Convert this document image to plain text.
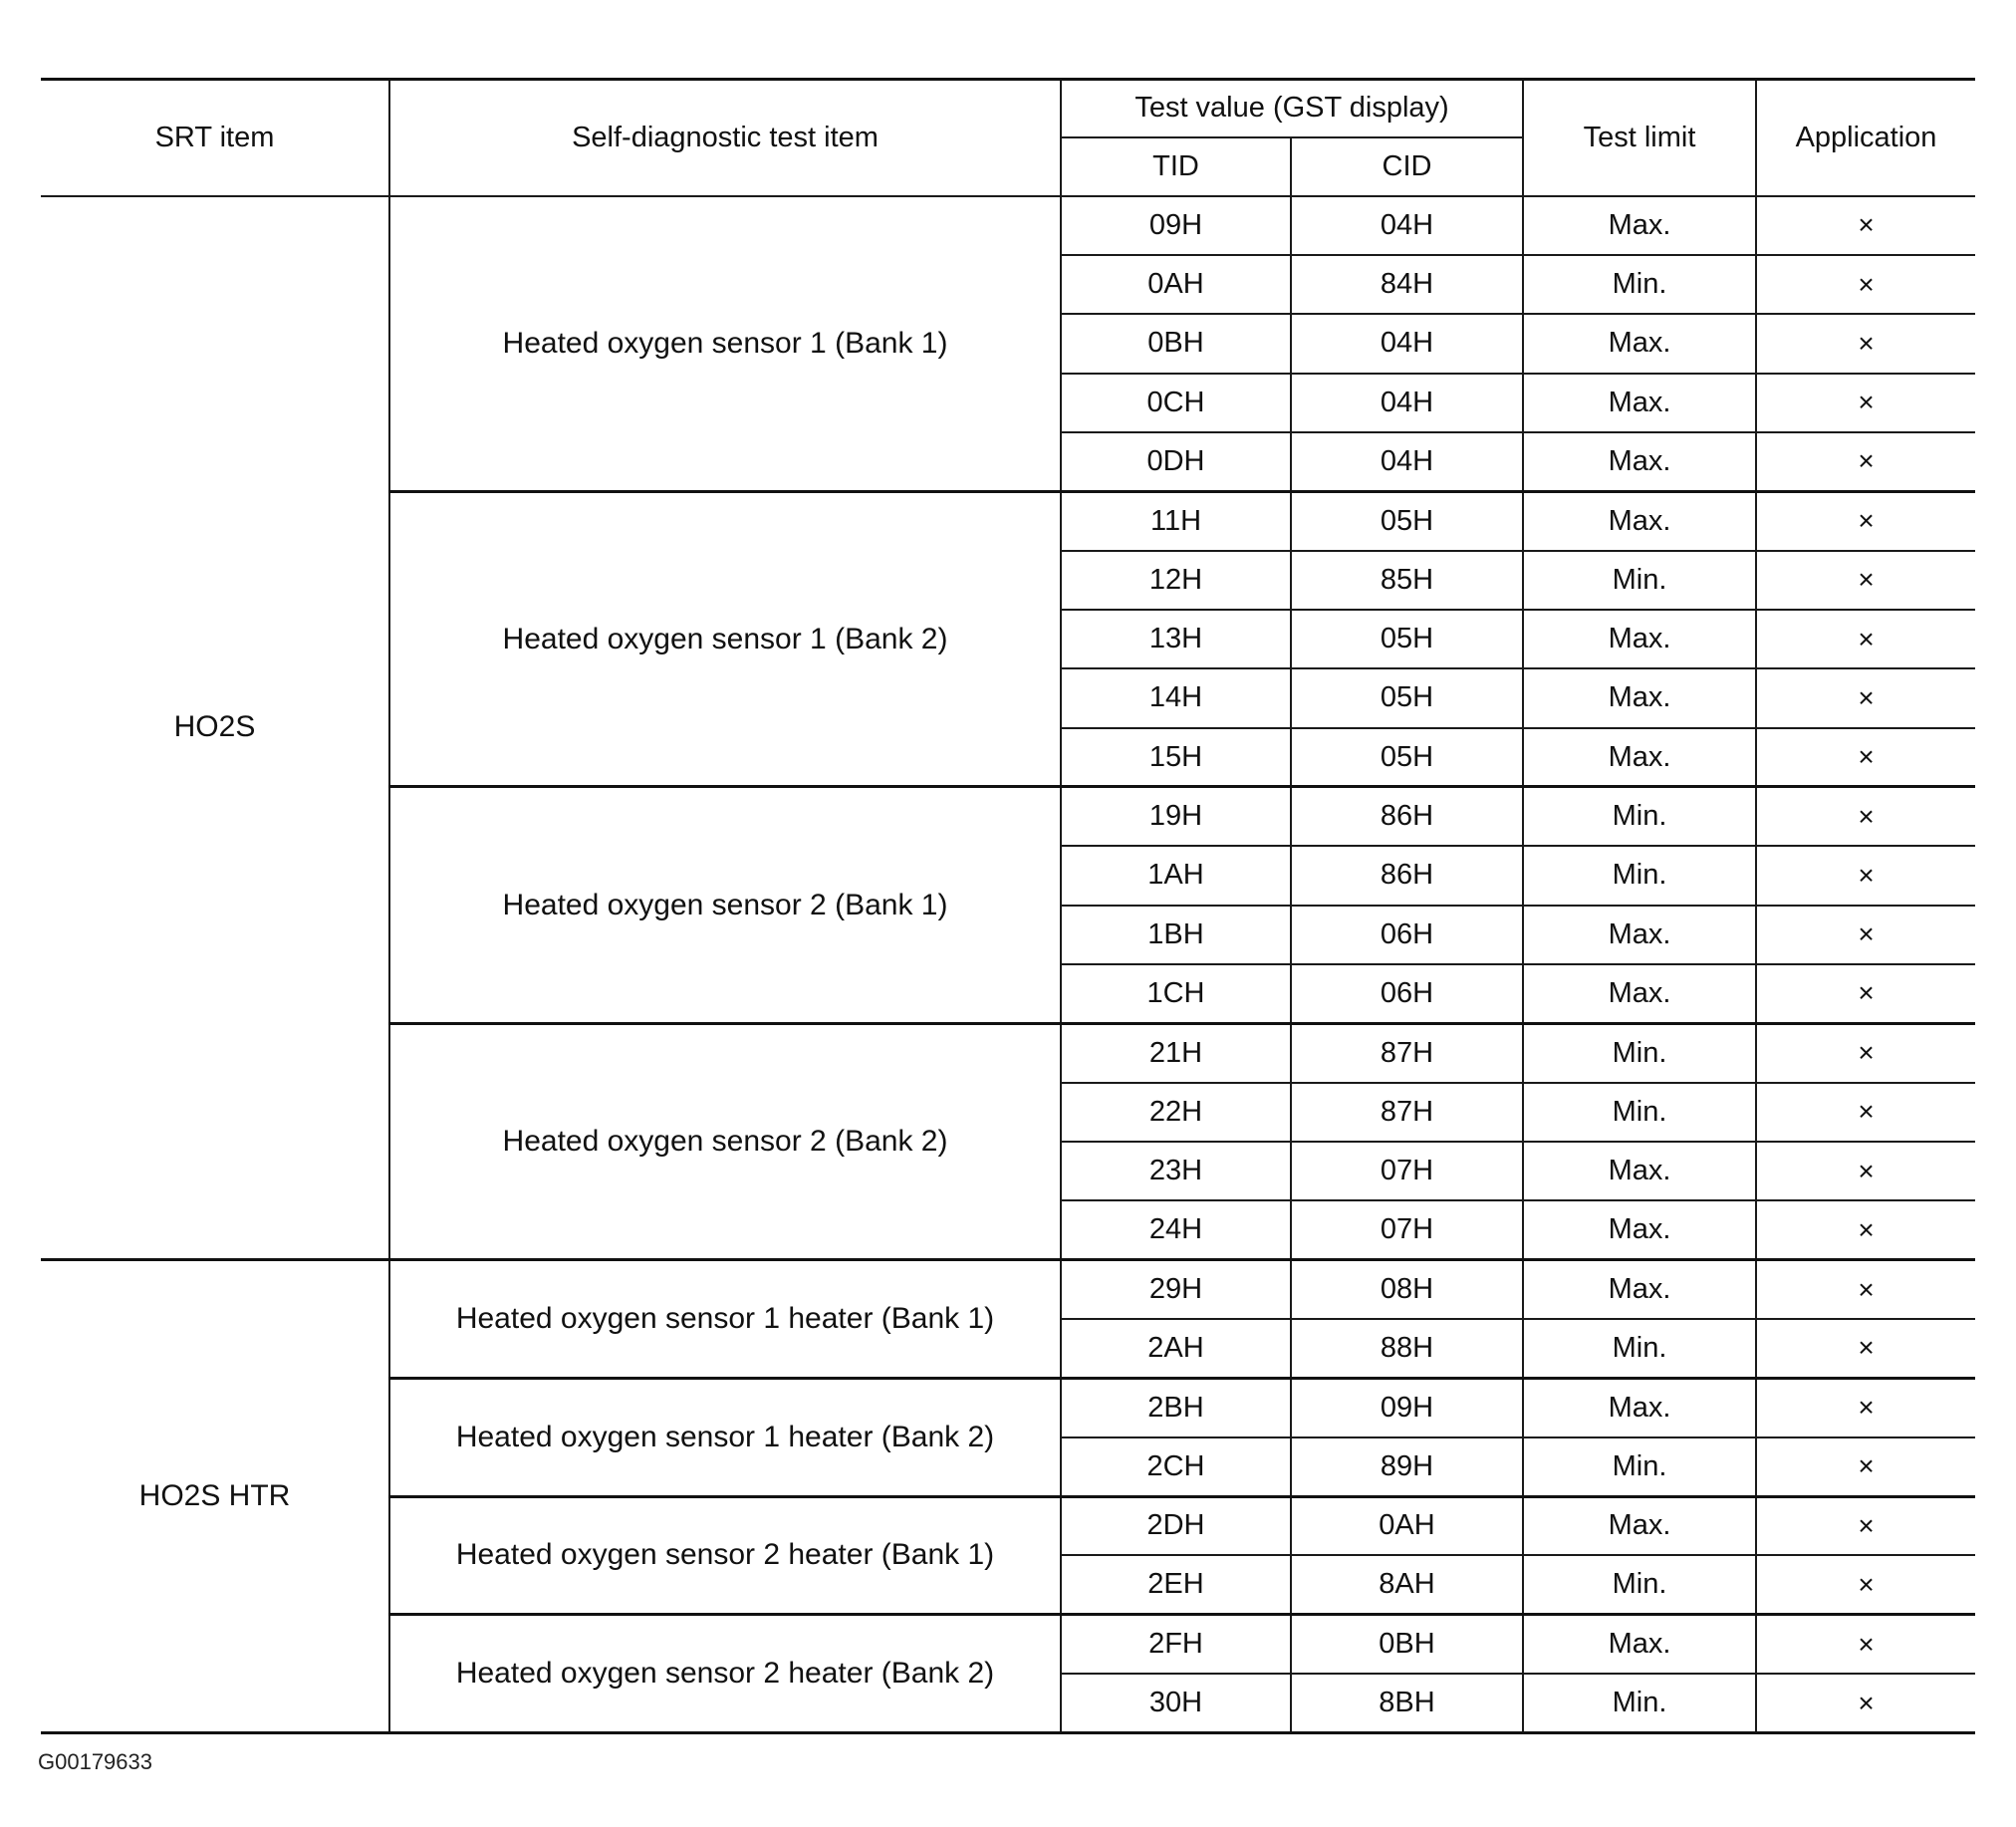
SRT item	Self-diagnostic test item	Test value (GST display)		Test limit	Application
		TID	CID		
HO2S	Heated oxygen sensor 1 (Bank 1)	09H	04H	Max.	×
		0AH	84H	Min.	×
		0BH	04H	Max.	×
		0CH	04H	Max.	×
		0DH	04H	Max.	×
	Heated oxygen sensor 1 (Bank 2)	11H	05H	Max.	×
		12H	85H	Min.	×
		13H	05H	Max.	×
		14H	05H	Max.	×
		15H	05H	Max.	×
	Heated oxygen sensor 2 (Bank 1)	19H	86H	Min.	×
		1AH	86H	Min.	×
		1BH	06H	Max.	×
		1CH	06H	Max.	×
	Heated oxygen sensor 2 (Bank 2)	21H	87H	Min.	×
		22H	87H	Min.	×
		23H	07H	Max.	×
		24H	07H	Max.	×
HO2S HTR	Heated oxygen sensor 1 heater (Bank 1)	29H	08H	Max.	×
		2AH	88H	Min.	×
	Heated oxygen sensor 1 heater (Bank 2)	2BH	09H	Max.	×
		2CH	89H	Min.	×
	Heated oxygen sensor 2 heater (Bank 1)	2DH	0AH	Max.	×
		2EH	8AH	Min.	×
	Heated oxygen sensor 2 heater (Bank 2)	2FH	0BH	Max.	×
		30H	8BH	Min.	×
G00179633
